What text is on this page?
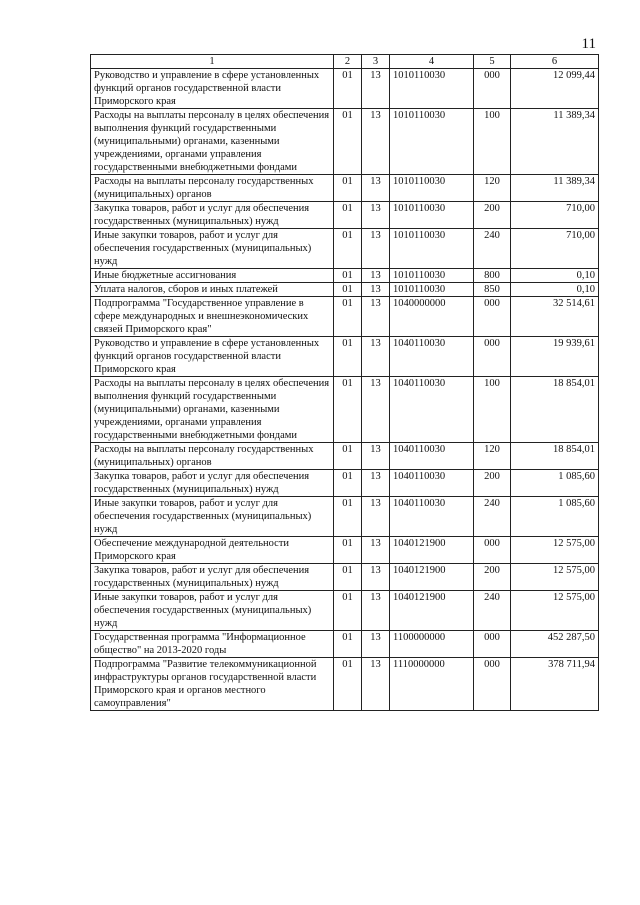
11
1	2	3	4	5	6
Руководство и управление в сфере установленных функций органов государственной власти Приморского края	01	13	1010110030	000	12 099,44
Расходы на выплаты персоналу в целях обеспечения выполнения функций государственными (муниципальными) органами, казенными учреждениями, органами управления государственными внебюджетными фондами	01	13	1010110030	100	11 389,34
Расходы на выплаты персоналу государственных (муниципальных) органов	01	13	1010110030	120	11 389,34
Закупка товаров, работ и услуг для обеспечения государственных (муниципальных) нужд	01	13	1010110030	200	710,00
Иные закупки товаров, работ и услуг для обеспечения государственных (муниципальных) нужд	01	13	1010110030	240	710,00
Иные бюджетные ассигнования	01	13	1010110030	800	0,10
Уплата налогов, сборов и иных платежей	01	13	1010110030	850	0,10
Подпрограмма "Государственное управление в сфере международных и внешнеэкономических связей Приморского края"	01	13	1040000000	000	32 514,61
Руководство и управление в сфере установленных функций органов государственной власти Приморского края	01	13	1040110030	000	19 939,61
Расходы на выплаты персоналу в целях обеспечения выполнения функций государственными (муниципальными) органами, казенными учреждениями, органами управления государственными внебюджетными фондами	01	13	1040110030	100	18 854,01
Расходы на выплаты персоналу государственных (муниципальных) органов	01	13	1040110030	120	18 854,01
Закупка товаров, работ и услуг для обеспечения государственных (муниципальных) нужд	01	13	1040110030	200	1 085,60
Иные закупки товаров, работ и услуг для обеспечения государственных (муниципальных) нужд	01	13	1040110030	240	1 085,60
Обеспечение международной деятельности Приморского края	01	13	1040121900	000	12 575,00
Закупка товаров, работ и услуг для обеспечения государственных (муниципальных) нужд	01	13	1040121900	200	12 575,00
Иные закупки товаров, работ и услуг для обеспечения государственных (муниципальных) нужд	01	13	1040121900	240	12 575,00
Государственная программа "Информационное общество" на 2013-2020 годы	01	13	1100000000	000	452 287,50
Подпрограмма "Развитие телекоммуникационной инфраструктуры органов государственной власти Приморского края и органов местного самоуправления"	01	13	1110000000	000	378 711,94
